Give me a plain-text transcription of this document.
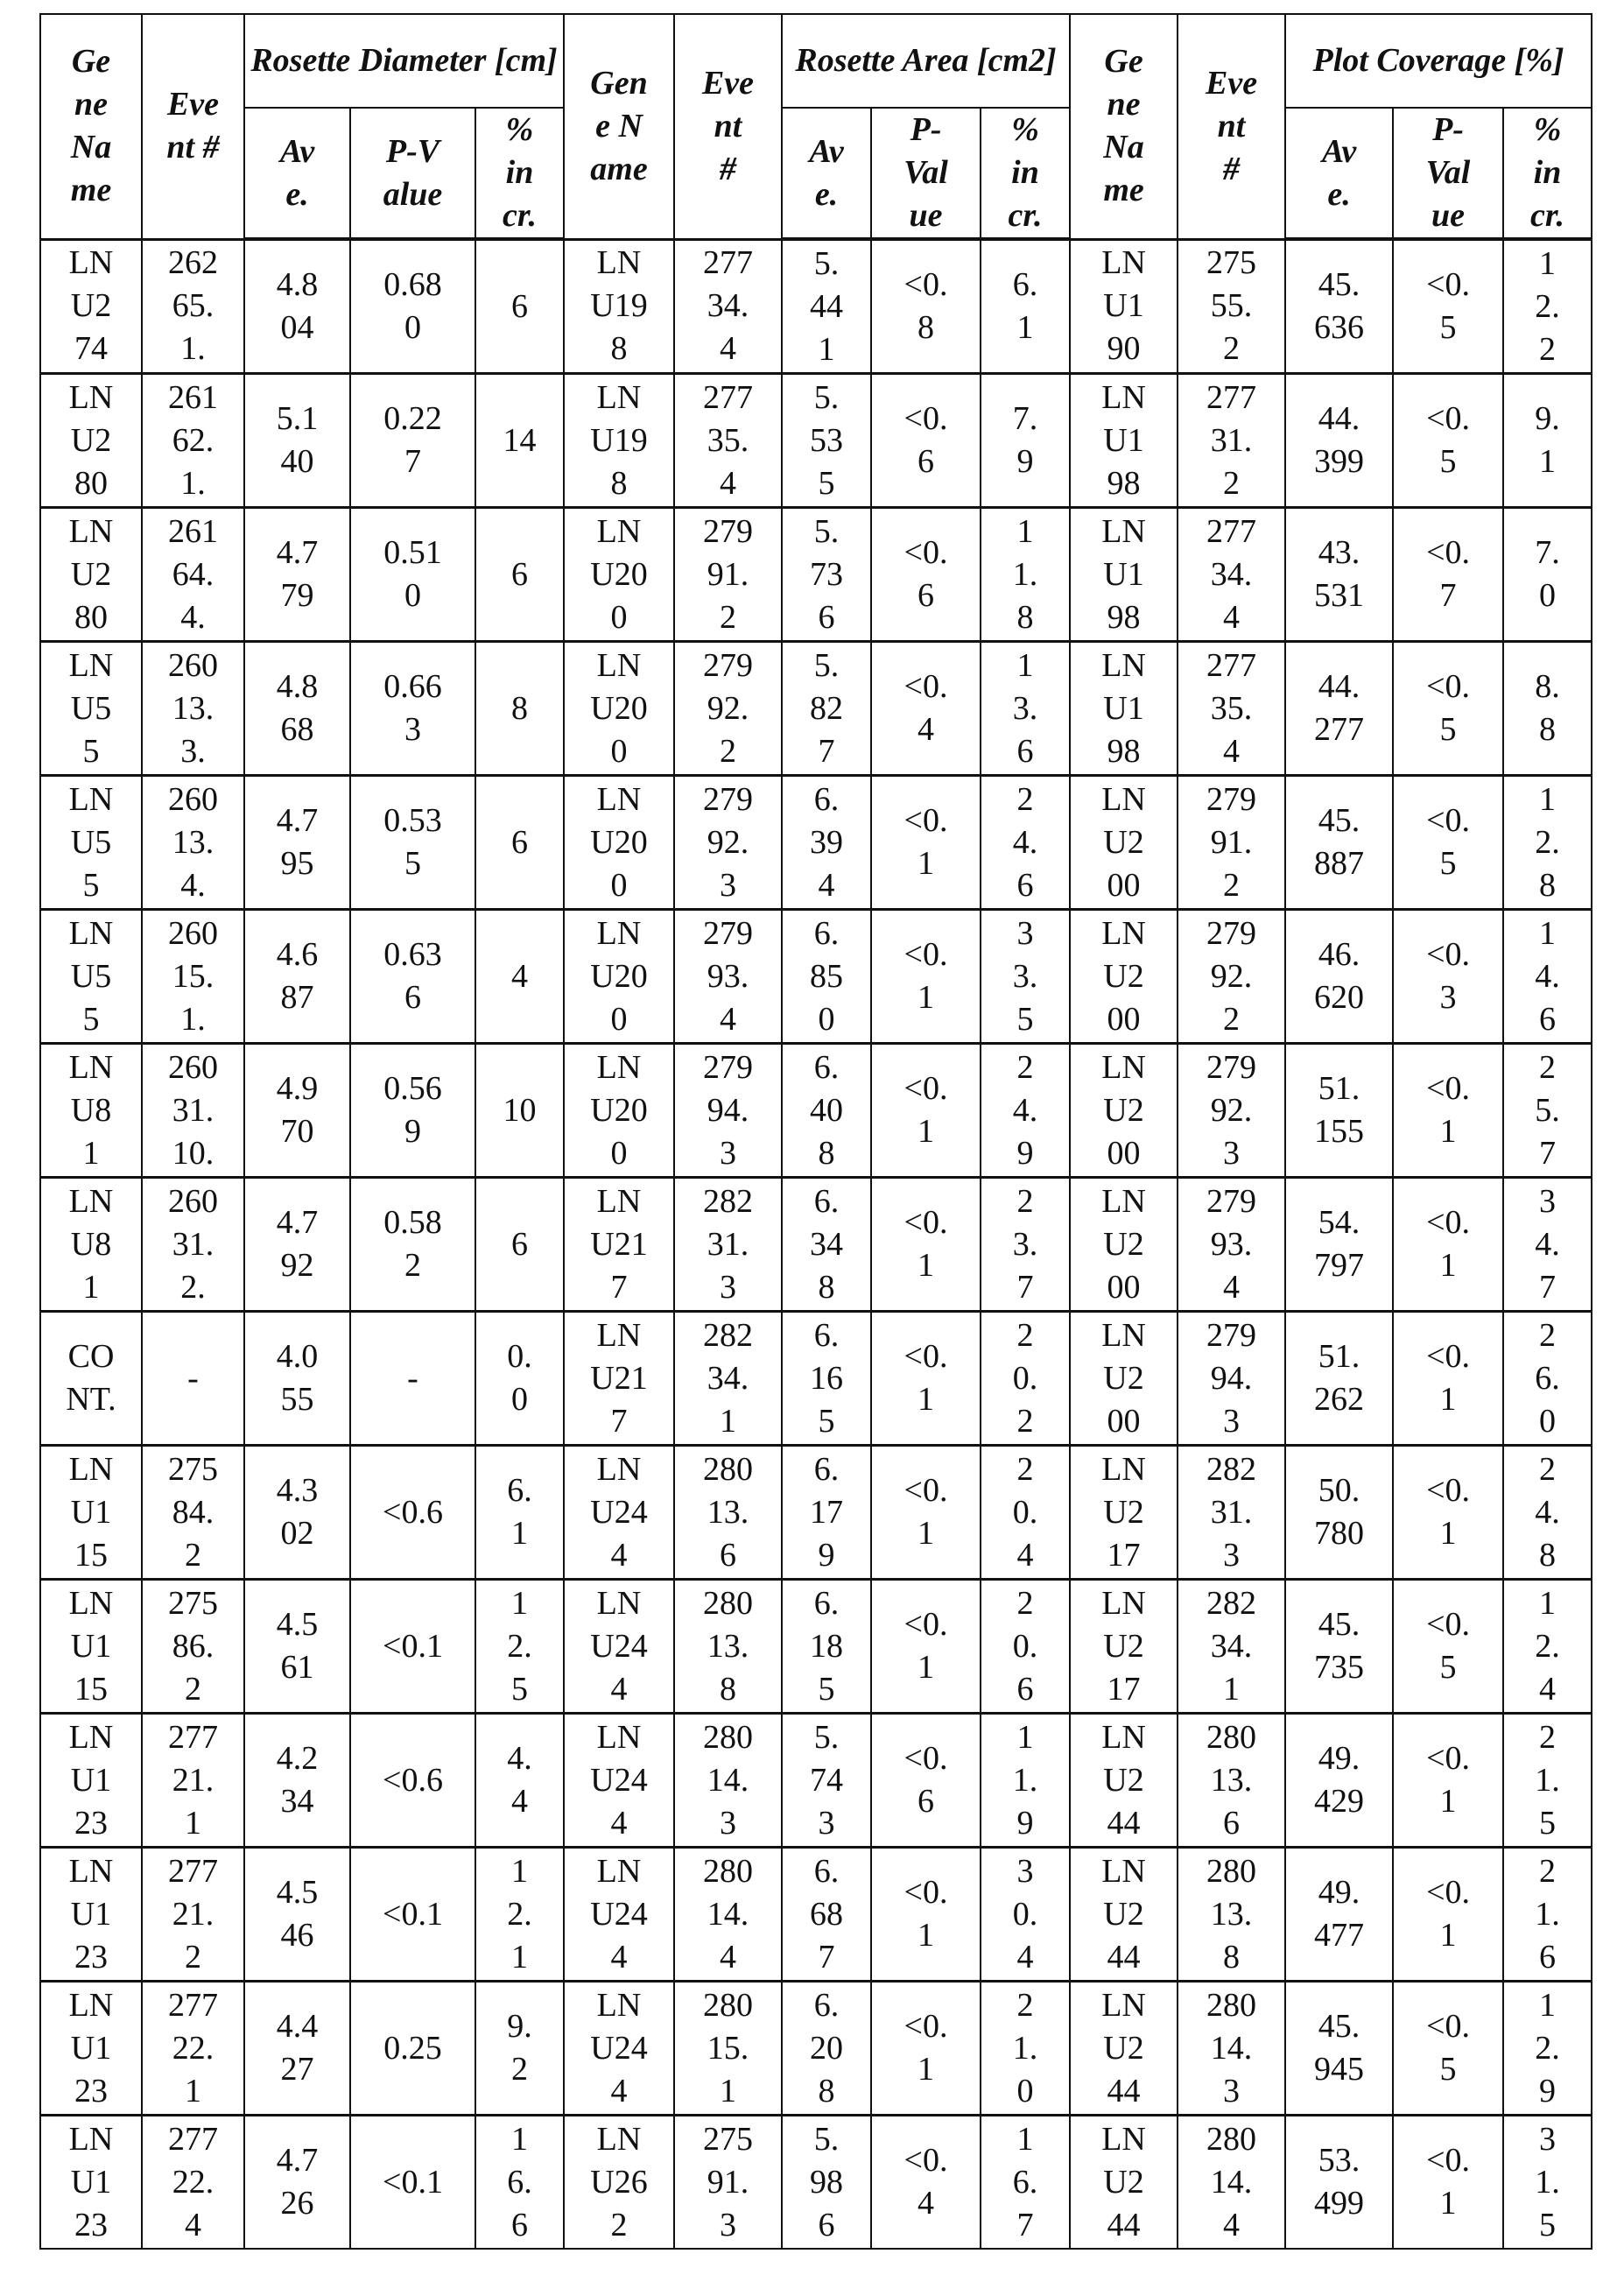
Gene Name	Event #	Rosette Diameter [cm]	Gene Name	Event #	Rosette Area [cm2]	Gene Name	Event #	Plot Coverage [%]
Ave.	P-Value	% incr.	Ave.	P-Value	% incr.	Ave.	P-Value	% incr.
LNU274	26265.1.	4.804	0.680	6	LNU198	27734.4	5.441	<0.8	6.1	LNU190	27555.2	45.636	<0.5	12.2
LNU280	26162.1.	5.140	0.227	14	LNU198	27735.4	5.535	<0.6	7.9	LNU198	27731.2	44.399	<0.5	9.1
LNU280	26164.4.	4.779	0.510	6	LNU200	27991.2	5.736	<0.6	11.8	LNU198	27734.4	43.531	<0.7	7.0
LNU55	26013.3.	4.868	0.663	8	LNU200	27992.2	5.827	<0.4	13.6	LNU198	27735.4	44.277	<0.5	8.8
LNU55	26013.4.	4.795	0.535	6	LNU200	27992.3	6.394	<0.1	24.6	LNU200	27991.2	45.887	<0.5	12.8
LNU55	26015.1.	4.687	0.636	4	LNU200	27993.4	6.850	<0.1	33.5	LNU200	27992.2	46.620	<0.3	14.6
LNU81	26031.10.	4.970	0.569	10	LNU200	27994.3	6.408	<0.1	24.9	LNU200	27992.3	51.155	<0.1	25.7
LNU81	26031.2.	4.792	0.582	6	LNU217	28231.3	6.348	<0.1	23.7	LNU200	27993.4	54.797	<0.1	34.7
CONT.	-	4.055	-	0.0	LNU217	28234.1	6.165	<0.1	20.2	LNU200	27994.3	51.262	<0.1	26.0
LNU115	27584.2	4.302	<0.6	6.1	LNU244	28013.6	6.179	<0.1	20.4	LNU217	28231.3	50.780	<0.1	24.8
LNU115	27586.2	4.561	<0.1	12.5	LNU244	28013.8	6.185	<0.1	20.6	LNU217	28234.1	45.735	<0.5	12.4
LNU123	27721.1	4.234	<0.6	4.4	LNU244	28014.3	5.743	<0.6	11.9	LNU244	28013.6	49.429	<0.1	21.5
LNU123	27721.2	4.546	<0.1	12.1	LNU244	28014.4	6.687	<0.1	30.4	LNU244	28013.8	49.477	<0.1	21.6
LNU123	27722.1	4.427	0.25	9.2	LNU244	28015.1	6.208	<0.1	21.0	LNU244	28014.3	45.945	<0.5	12.9
LNU123	27722.4	4.726	<0.1	16.6	LNU262	27591.3	5.986	<0.4	16.7	LNU244	28014.4	53.499	<0.1	31.5
